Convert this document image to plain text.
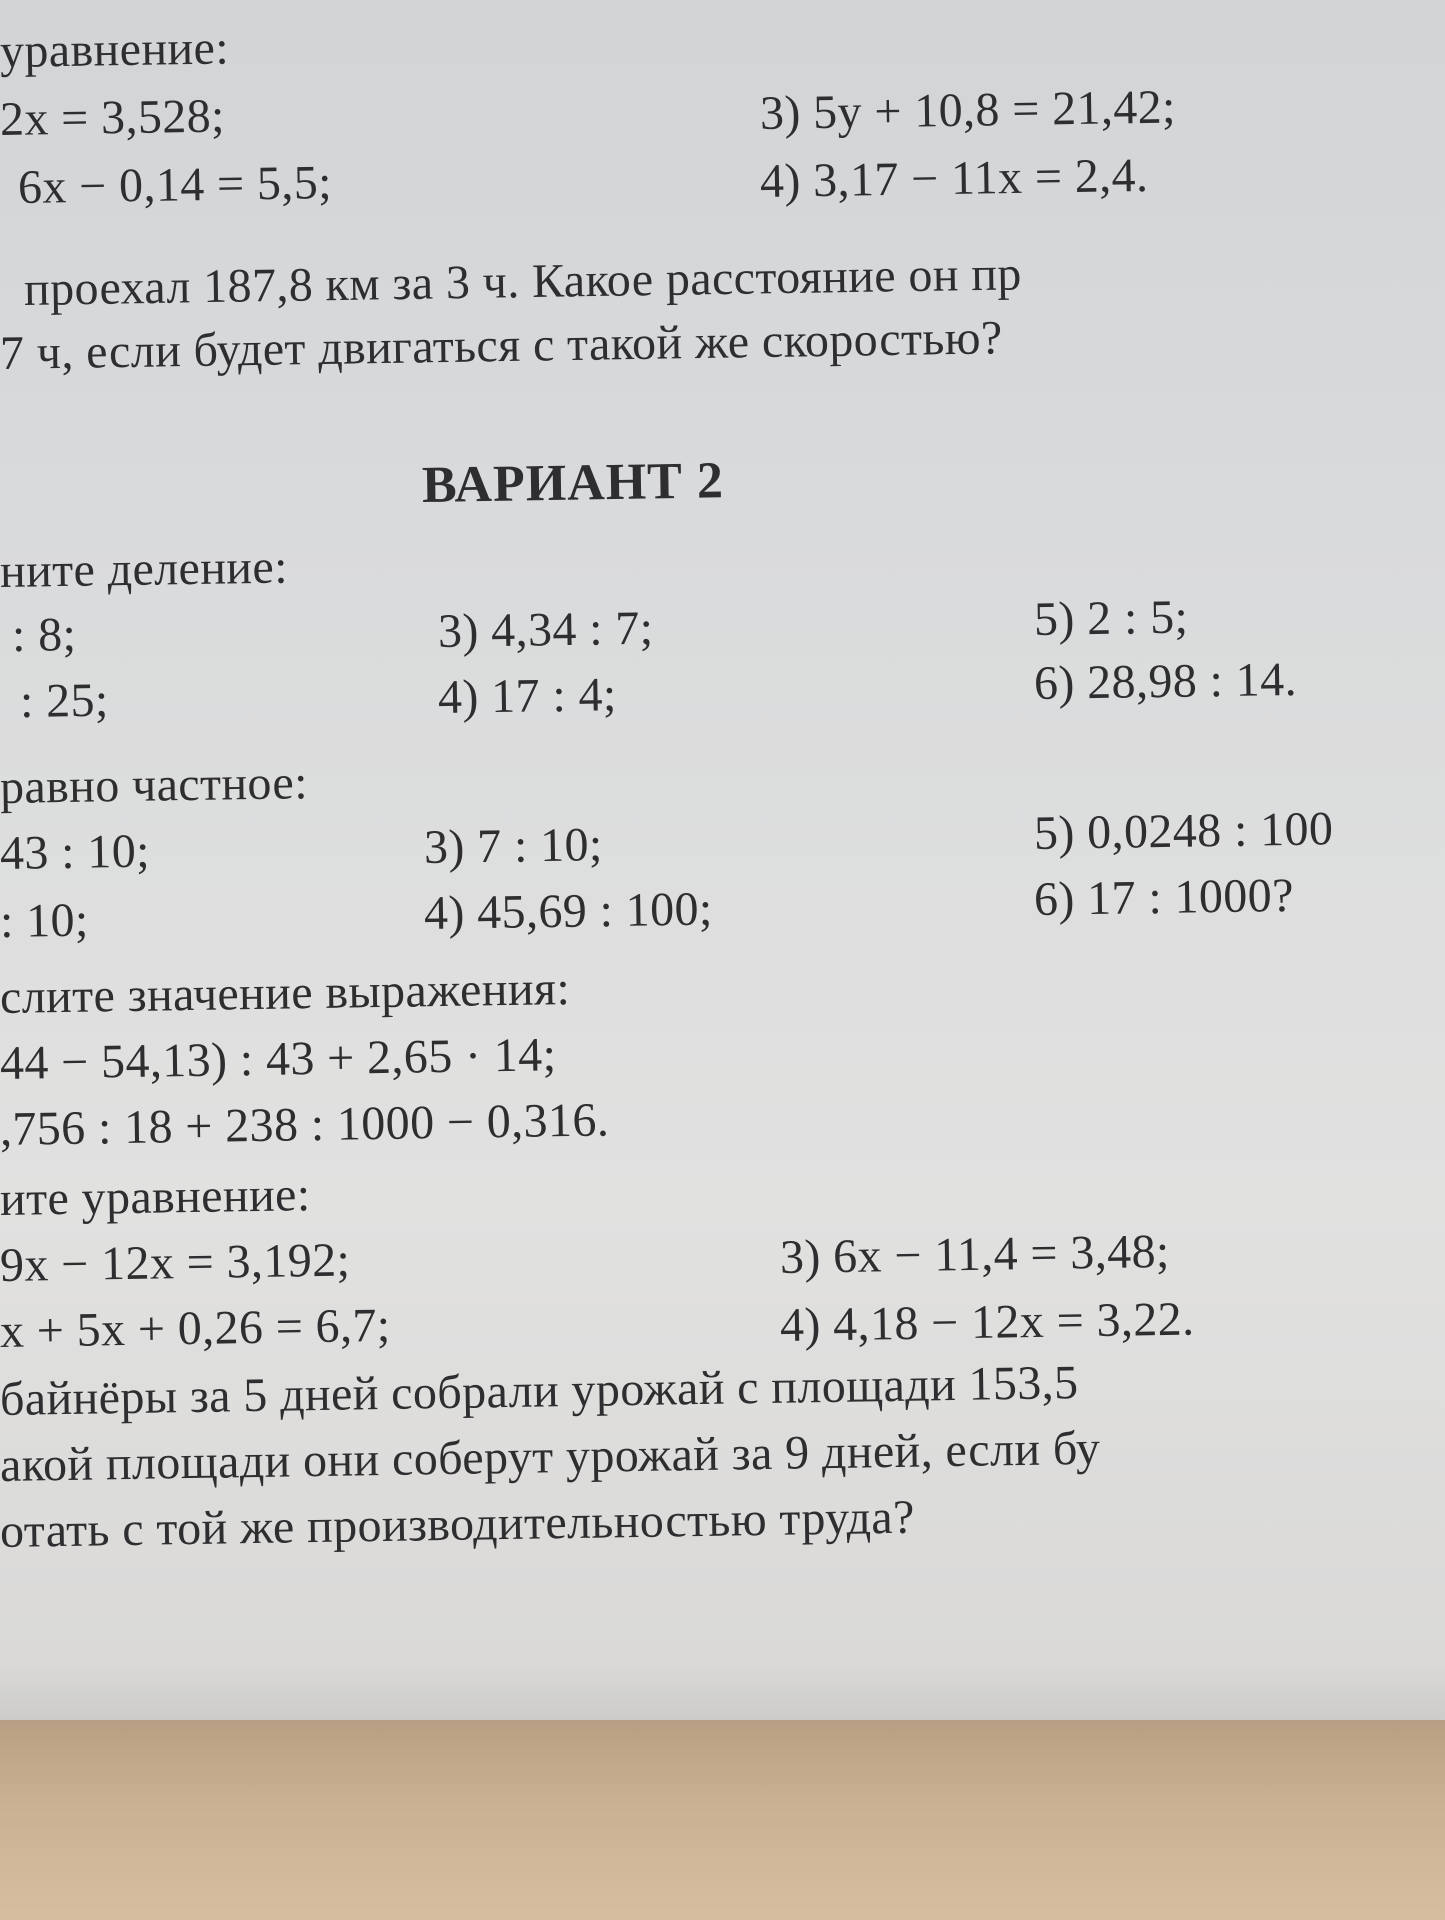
уравнение:
2x = 3,528;
6x − 0,14 = 5,5;
3) 5y + 10,8 = 21,42;
4) 3,17 − 11x = 2,4.
проехал 187,8 км за 3 ч. Какое расстояние он пр
7 ч, если будет двигаться с такой же скоростью?
ВАРИАНТ 2
ните деление:
: 8;
: 25;
3) 4,34 : 7;
4) 17 : 4;
5) 2 : 5;
6) 28,98 : 14.
равно частное:
43 : 10;
: 10;
3) 7 : 10;
4) 45,69 : 100;
5) 0,0248 : 100
6) 17 : 1000?
слите значение выражения:
44 − 54,13) : 43 + 2,65 · 14;
,756 : 18 + 238 : 1000 − 0,316.
ите уравнение:
9x − 12x = 3,192;
x + 5x + 0,26 = 6,7;
3) 6x − 11,4 = 3,48;
4) 4,18 − 12x = 3,22.
байнёры за 5 дней собрали урожай с площади 153,5
акой площади они соберут урожай за 9 дней, если бу
отать с той же производительностью труда?
